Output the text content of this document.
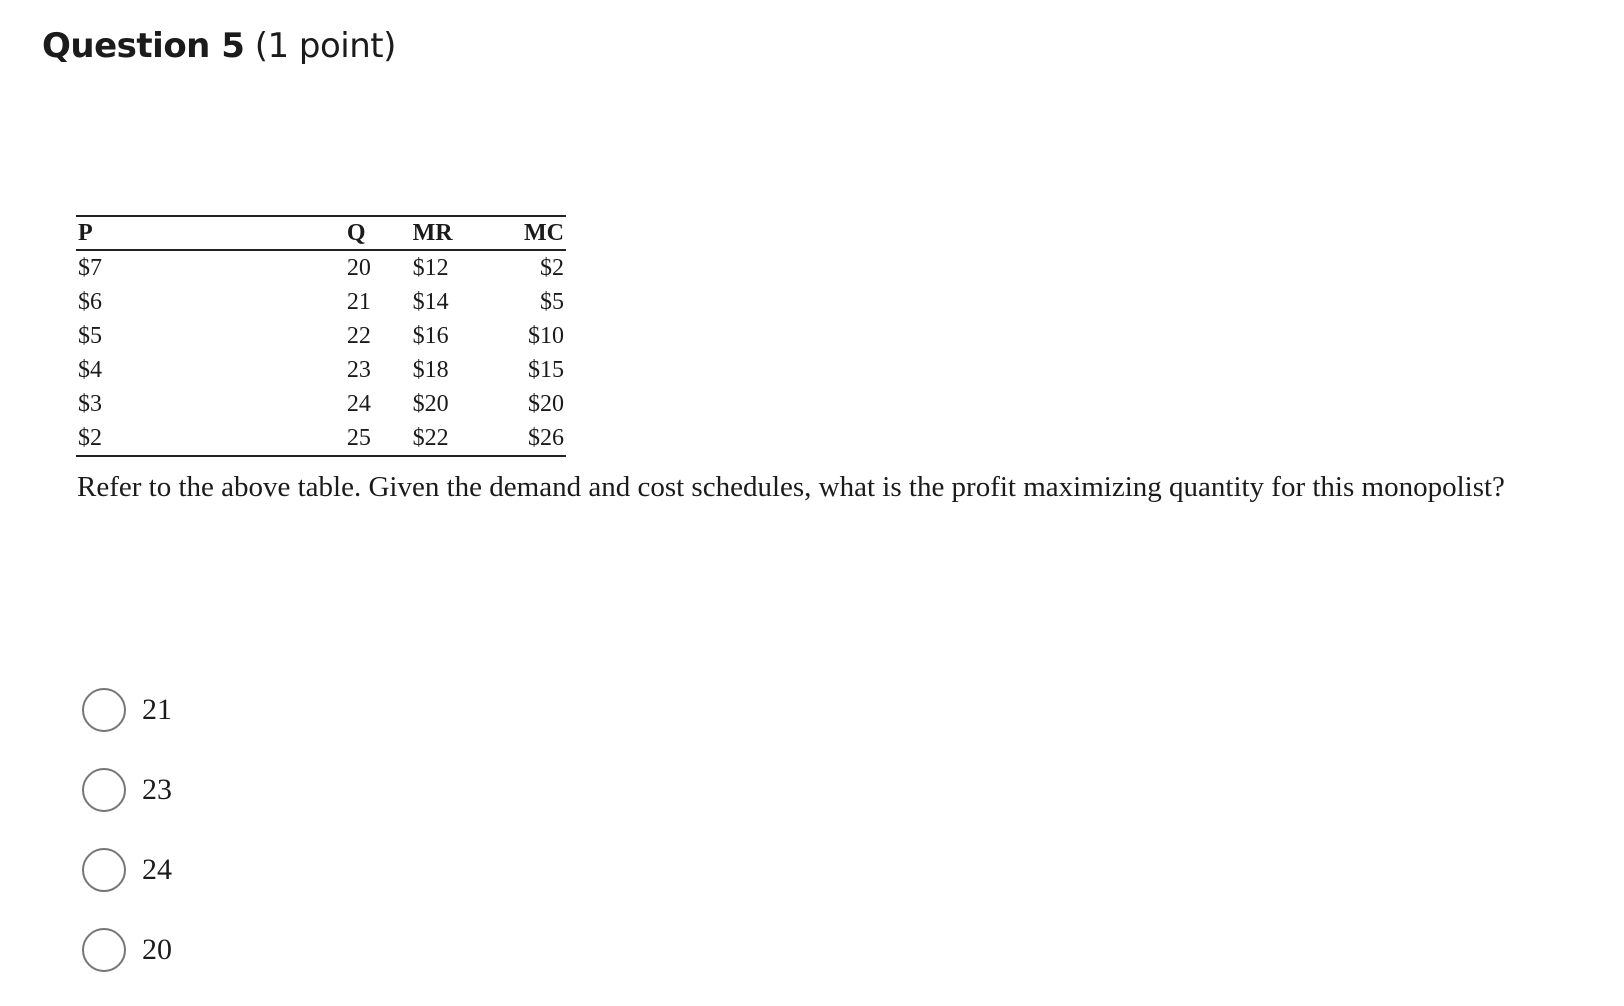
Question 5 (1 point)
P	Q	MR	MC
$7	20	$12	$2
$6	21	$14	$5
$5	22	$16	$10
$4	23	$18	$15
$3	24	$20	$20
$2	25	$22	$26
Refer to the above table. Given the demand and cost schedules, what is the profit maximizing quantity for this monopolist?
21
23
24
20
